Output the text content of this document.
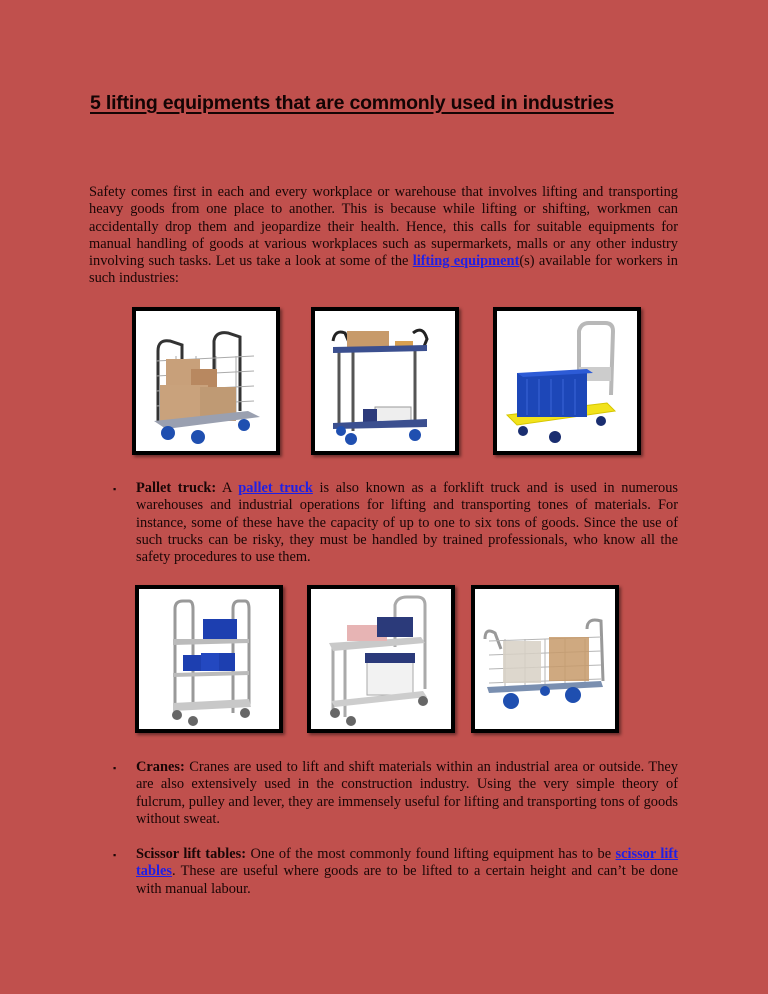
5 lifting equipments that are commonly used in industries

Safety comes first in each and every workplace or warehouse that involves lifting and transporting heavy goods from one place to another. This is because while lifting or shifting, workmen can accidentally drop them and jeopardize their health. Hence, this calls for suitable equipments for manual handling of goods at various workplaces such as supermarkets, malls or any other industry involving such tasks. Let us take a look at some of the lifting equipment(s) available for workers in such industries:

▪	Pallet truck: A pallet truck is also known as a forklift truck and is used in numerous warehouses and industrial operations for lifting and transporting tones of materials. For instance, some of these have the capacity of up to one to six tons of goods. Since the use of such trucks can be risky, they must be handled by trained professionals, who know all the safety procedures to use them.
▪	Cranes: Cranes are used to lift and shift materials within an industrial area or outside. They are also extensively used in the construction industry. Using the very simple theory of fulcrum, pulley and lever, they are immensely useful for lifting and transporting tons of goods without sweat.
▪	Scissor lift tables: One of the most commonly found lifting equipment has to be scissor lift tables. These are useful where goods are to be lifted to a certain height and can’t be done with manual labour.
